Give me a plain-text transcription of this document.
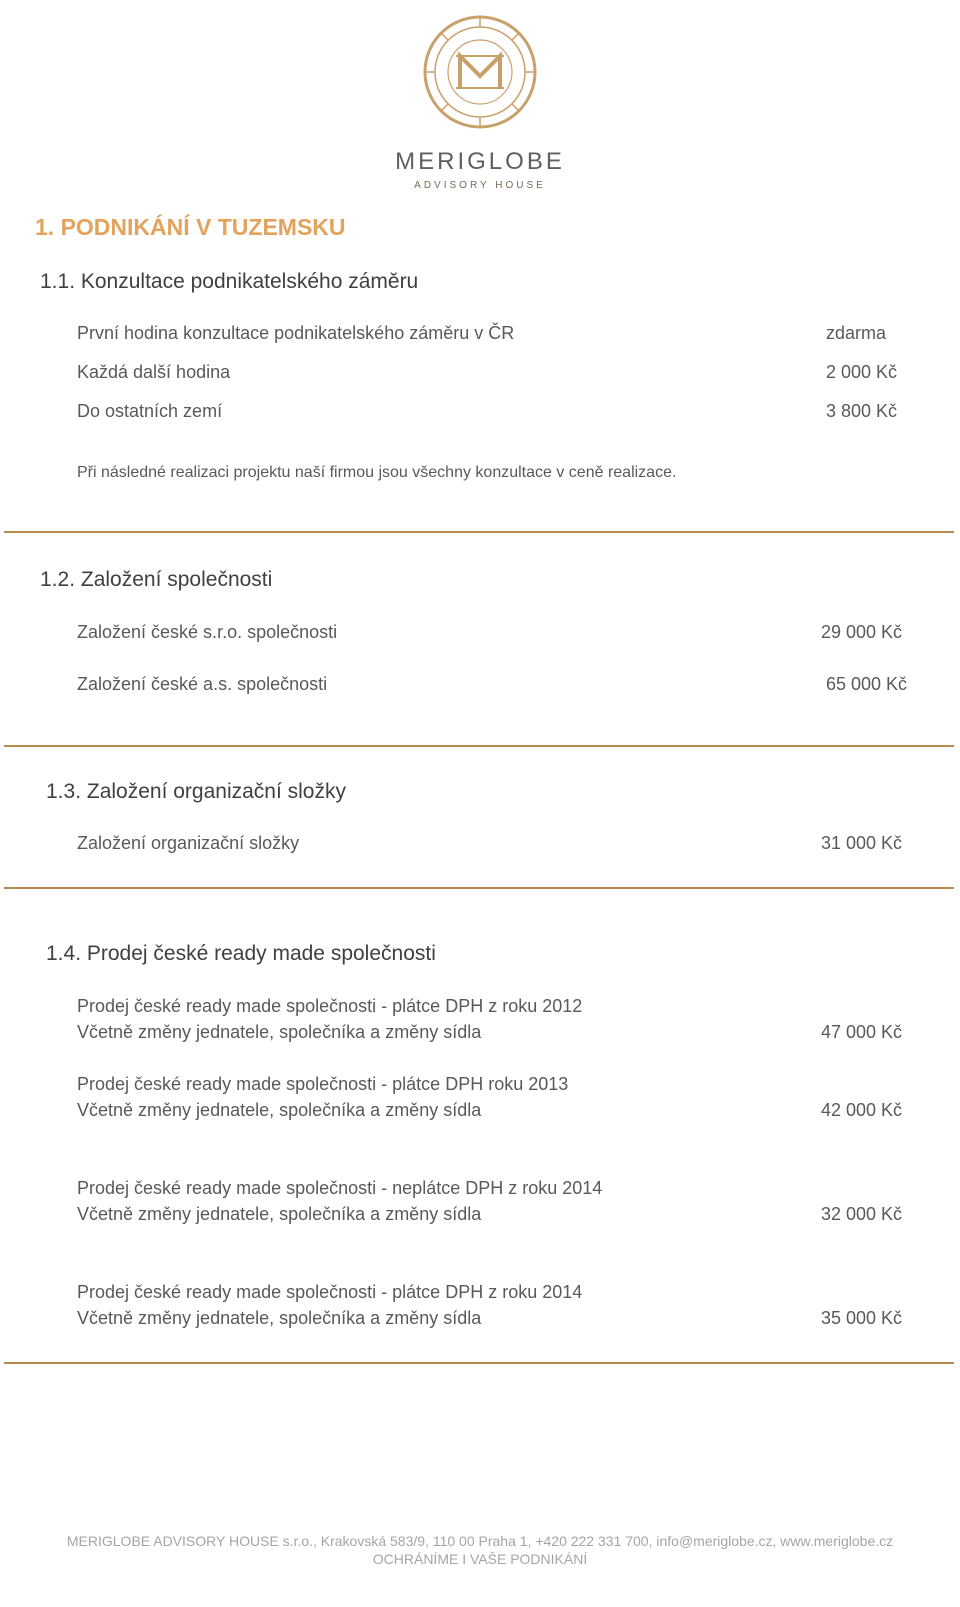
MERIGLOBE
ADVISORY HOUSE
1. PODNIKÁNÍ V TUZEMSKU
1.1. Konzultace podnikatelského záměru
První hodina konzultace podnikatelského záměru v ČR	zdarma
Každá další hodina	2 000 Kč
Do ostatních zemí	3 800 Kč
Při následné realizaci projektu naší firmou jsou všechny konzultace v ceně realizace.
1.2. Založení společnosti
Založení české s.r.o. společnosti	29 000 Kč
Založení české a.s. společnosti	65 000 Kč
1.3. Založení organizační složky
Založení organizační složky	31 000 Kč
1.4. Prodej české ready made společnosti
Prodej české ready made společnosti - plátce DPH z roku 2012
Včetně změny jednatele, společníka a změny sídla	47 000 Kč
Prodej české ready made společnosti - plátce DPH roku 2013
Včetně změny jednatele, společníka a změny sídla	42 000 Kč
Prodej české ready made společnosti - neplátce DPH z roku 2014
Včetně změny jednatele, společníka a změny sídla	32 000 Kč
Prodej české ready made společnosti - plátce DPH z roku 2014
Včetně změny jednatele, společníka a změny sídla	35 000 Kč
MERIGLOBE ADVISORY HOUSE s.r.o., Krakovská 583/9, 110 00 Praha 1, +420 222 331 700, info@meriglobe.cz, www.meriglobe.cz
OCHRÁNÍME I VAŠE PODNIKÁNÍ
